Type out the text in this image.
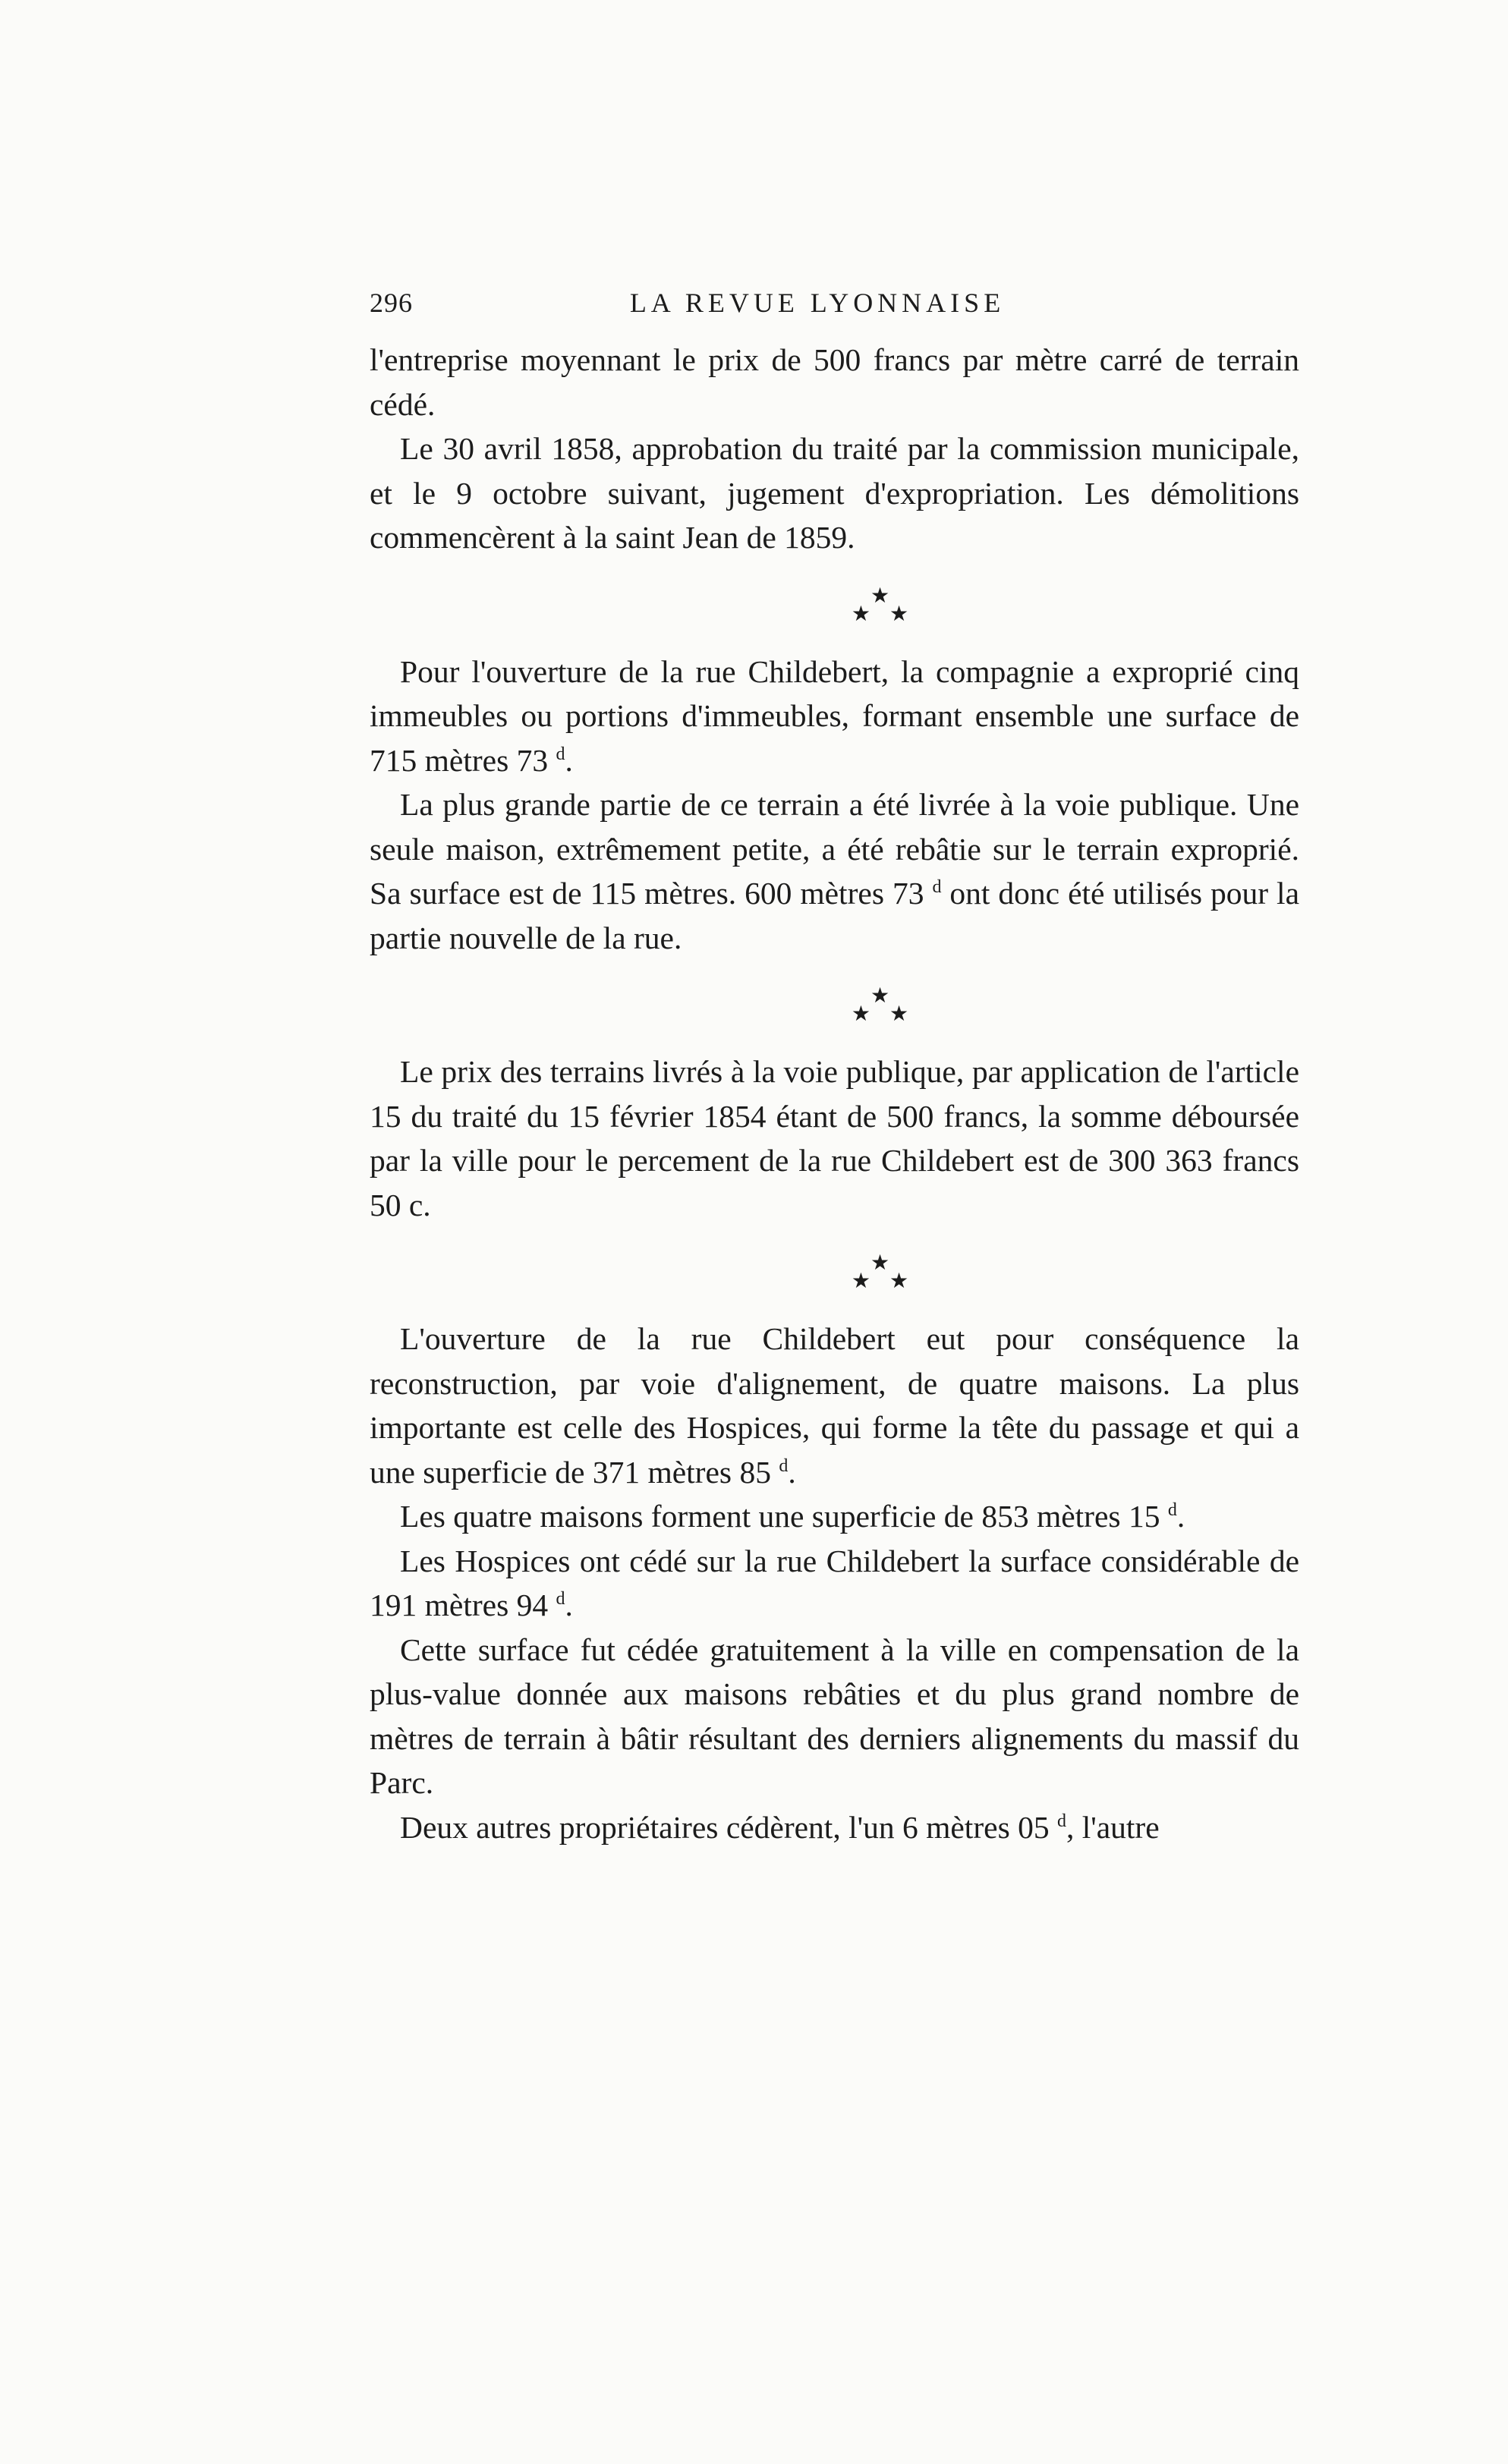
296	LA REVUE LYONNAISE

l'entreprise moyennant le prix de 500 francs par mètre carré de terrain cédé.

Le 30 avril 1858, approbation du traité par la commission municipale, et le 9 octobre suivant, jugement d'expropriation. Les démolitions commencèrent à la saint Jean de 1859.

★
★ ★

Pour l'ouverture de la rue Childebert, la compagnie a exproprié cinq immeubles ou portions d'immeubles, formant ensemble une surface de 715 mètres 73 $^d$.

La plus grande partie de ce terrain a été livrée à la voie publique. Une seule maison, extrêmement petite, a été rebâtie sur le terrain exproprié. Sa surface est de 115 mètres. 600 mètres 73 $^d$ ont donc été utilisés pour la partie nouvelle de la rue.

★
★ ★

Le prix des terrains livrés à la voie publique, par application de l'article 15 du traité du 15 février 1854 étant de 500 francs, la somme déboursée par la ville pour le percement de la rue Childebert est de 300 363 francs 50 c.

★
★ ★

L'ouverture de la rue Childebert eut pour conséquence la reconstruction, par voie d'alignement, de quatre maisons. La plus importante est celle des Hospices, qui forme la tête du passage et qui a une superficie de 371 mètres 85 $^d$.

Les quatre maisons forment une superficie de 853 mètres 15 $^d$.

Les Hospices ont cédé sur la rue Childebert la surface considérable de 191 mètres 94 $^d$.

Cette surface fut cédée gratuitement à la ville en compensation de la plus-value donnée aux maisons rebâties et du plus grand nombre de mètres de terrain à bâtir résultant des derniers alignements du massif du Parc.

Deux autres propriétaires cédèrent, l'un 6 mètres 05 $^d$, l'autre
